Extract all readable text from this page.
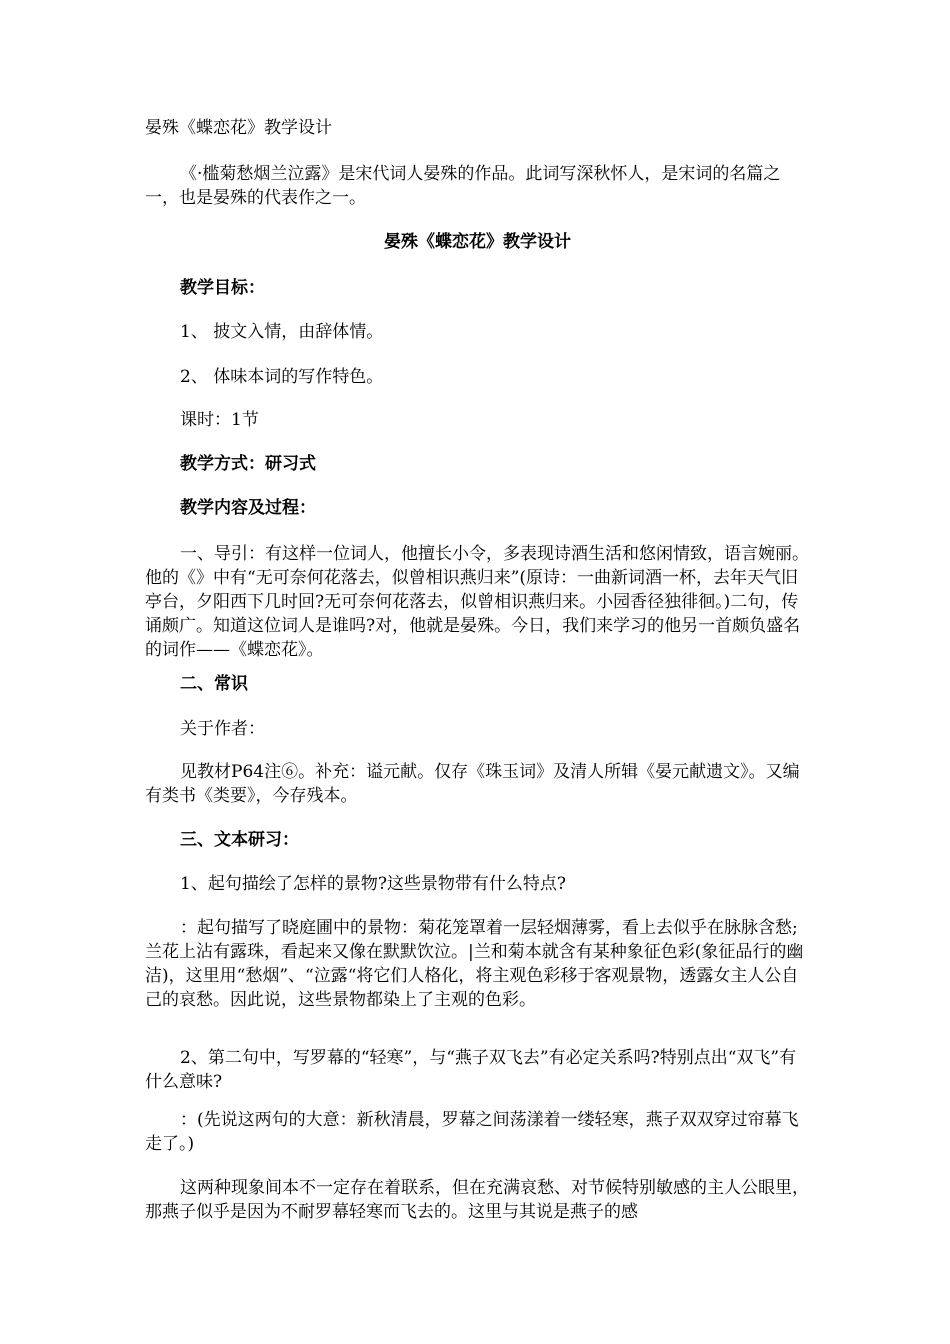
晏殊《蝶恋花》教学设计

《·槛菊愁烟兰泣露》是宋代词人晏殊的作品。此词写深秋怀人，是宋词的名篇之一，也是晏殊的代表作之一。

晏殊《蝶恋花》教学设计

教学目标：

1、 披文入情，由辞体情。

2、 体味本词的写作特色。

课时：1节

教学方式：研习式

教学内容及过程：

一、导引：有这样一位词人，他擅长小令，多表现诗酒生活和悠闲情致，语言婉丽。他的《》中有“无可奈何花落去，似曾相识燕归来”(原诗：一曲新词酒一杯，去年天气旧亭台，夕阳西下几时回?无可奈何花落去，似曾相识燕归来。小园香径独徘徊。)二句，传诵颇广。知道这位词人是谁吗?对，他就是晏殊。今日，我们来学习的他另一首颇负盛名的词作——《蝶恋花》。

二、常识

关于作者：

见教材P64注⑥。补充：谥元献。仅存《珠玉词》及清人所辑《晏元献遗文》。又编有类书《类要》，今存残本。

三、文本研习：

1、起句描绘了怎样的景物?这些景物带有什么特点?

：起句描写了晓庭圃中的景物：菊花笼罩着一层轻烟薄雾，看上去似乎在脉脉含愁;兰花上沾有露珠，看起来又像在默默饮泣。|兰和菊本就含有某种象征色彩(象征品行的幽洁)，这里用“愁烟”、“泣露“将它们人格化，将主观色彩移于客观景物，透露女主人公自己的哀愁。因此说，这些景物都染上了主观的色彩。

2、第二句中，写罗幕的“轻寒”，与“燕子双飞去”有必定关系吗?特别点出“双飞”有什么意味?

：(先说这两句的大意：新秋清晨，罗幕之间荡漾着一缕轻寒，燕子双双穿过帘幕飞走了。)

这两种现象间本不一定存在着联系，但在充满哀愁、对节候特别敏感的主人公眼里，那燕子似乎是因为不耐罗幕轻寒而飞去的。这里与其说是燕子的感
